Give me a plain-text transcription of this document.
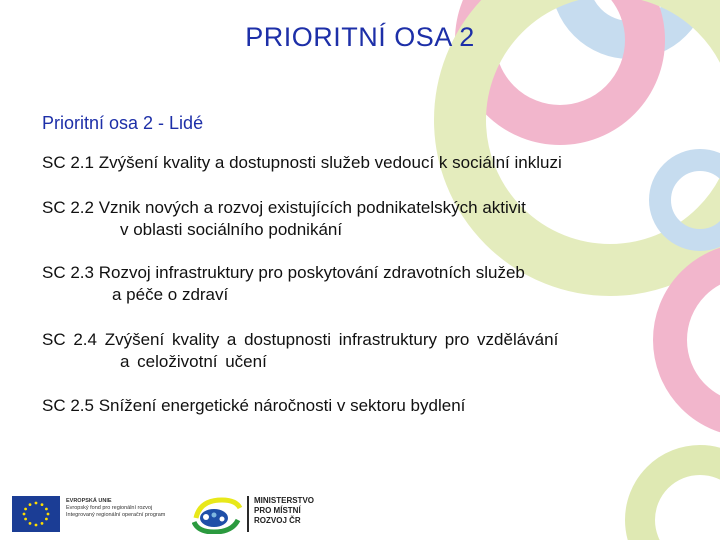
PRIORITNÍ OSA 2
Prioritní osa 2 - Lidé
SC 2.1 Zvýšení kvality a dostupnosti služeb vedoucí k sociální inkluzi
SC 2.2 Vznik nových a rozvoj existujících podnikatelských aktivit
v oblasti sociálního podnikání
SC 2.3 Rozvoj infrastruktury pro poskytování zdravotních služeb
a péče o zdraví
SC 2.4 Zvýšení kvality a dostupnosti infrastruktury pro vzdělávání
a celoživotní učení
SC 2.5 Snížení energetické náročnosti v sektoru bydlení
EVROPSKÁ UNIE
Evropský fond pro regionální rozvoj
Integrovaný regionální operační program
MINISTERSTVO
PRO MÍSTNÍ
ROZVOJ ČR
